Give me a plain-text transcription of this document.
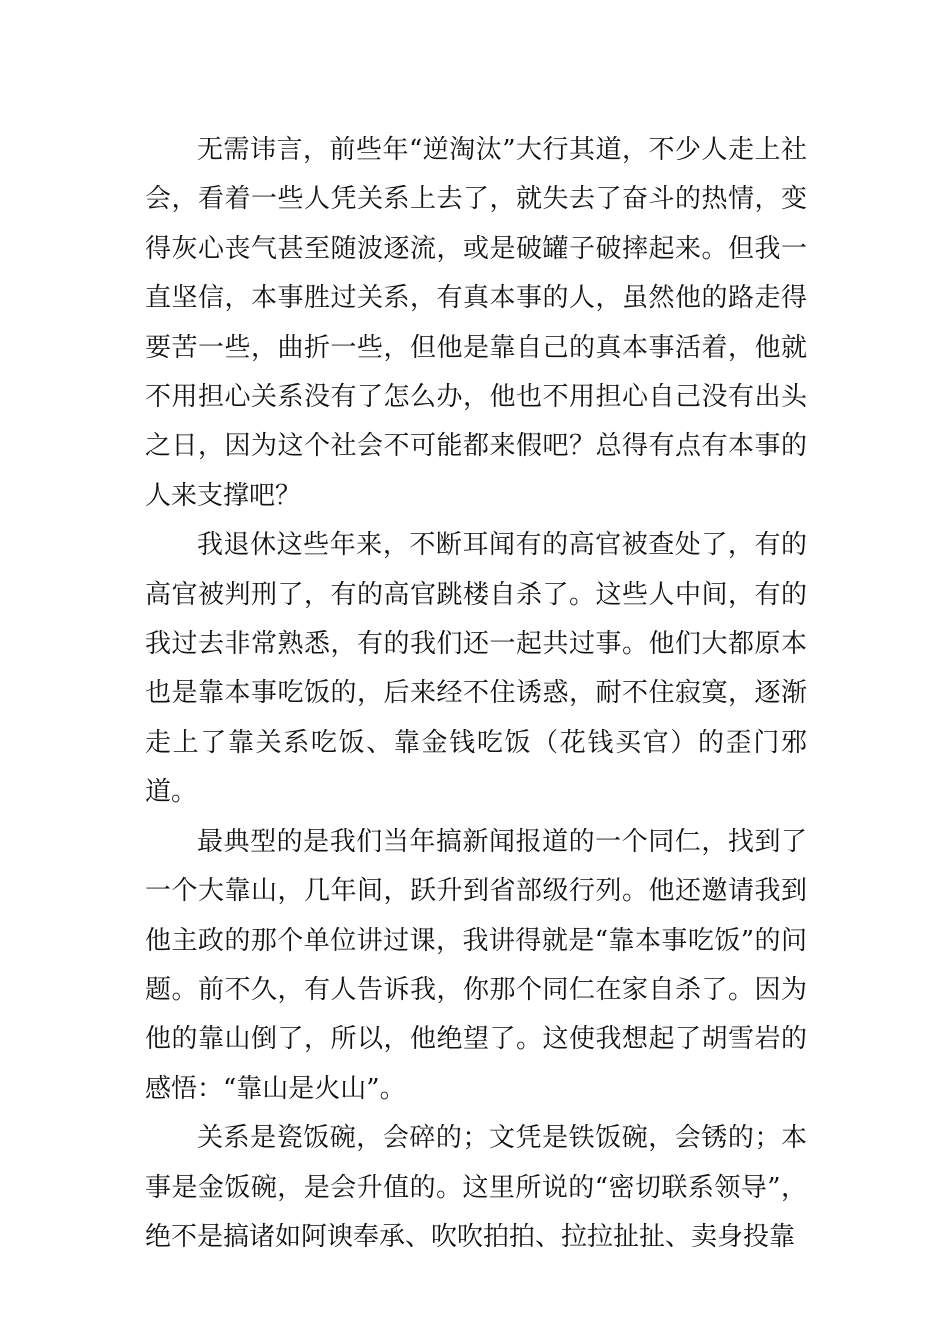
无需讳言，前些年“逆淘汰”大行其道，不少人走上社会，看着一些人凭关系上去了，就失去了奋斗的热情，变得灰心丧气甚至随波逐流，或是破罐子破摔起来。但我一直坚信，本事胜过关系，有真本事的人，虽然他的路走得要苦一些，曲折一些，但他是靠自己的真本事活着，他就不用担心关系没有了怎么办，他也不用担心自己没有出头之日，因为这个社会不可能都来假吧？总得有点有本事的人来支撑吧？

我退休这些年来，不断耳闻有的高官被查处了，有的高官被判刑了，有的高官跳楼自杀了。这些人中间，有的我过去非常熟悉，有的我们还一起共过事。他们大都原本也是靠本事吃饭的，后来经不住诱惑，耐不住寂寞，逐渐走上了靠关系吃饭、靠金钱吃饭（花钱买官）的歪门邪道。

最典型的是我们当年搞新闻报道的一个同仁，找到了一个大靠山，几年间，跃升到省部级行列。他还邀请我到他主政的那个单位讲过课，我讲得就是“靠本事吃饭”的问题。前不久，有人告诉我，你那个同仁在家自杀了。因为他的靠山倒了，所以，他绝望了。这使我想起了胡雪岩的感悟：“靠山是火山”。

关系是瓷饭碗，会碎的；文凭是铁饭碗，会锈的；本事是金饭碗，是会升值的。这里所说的“密切联系领导”，绝不是搞诸如阿谀奉承、吹吹拍拍、拉拉扯扯、卖身投靠
